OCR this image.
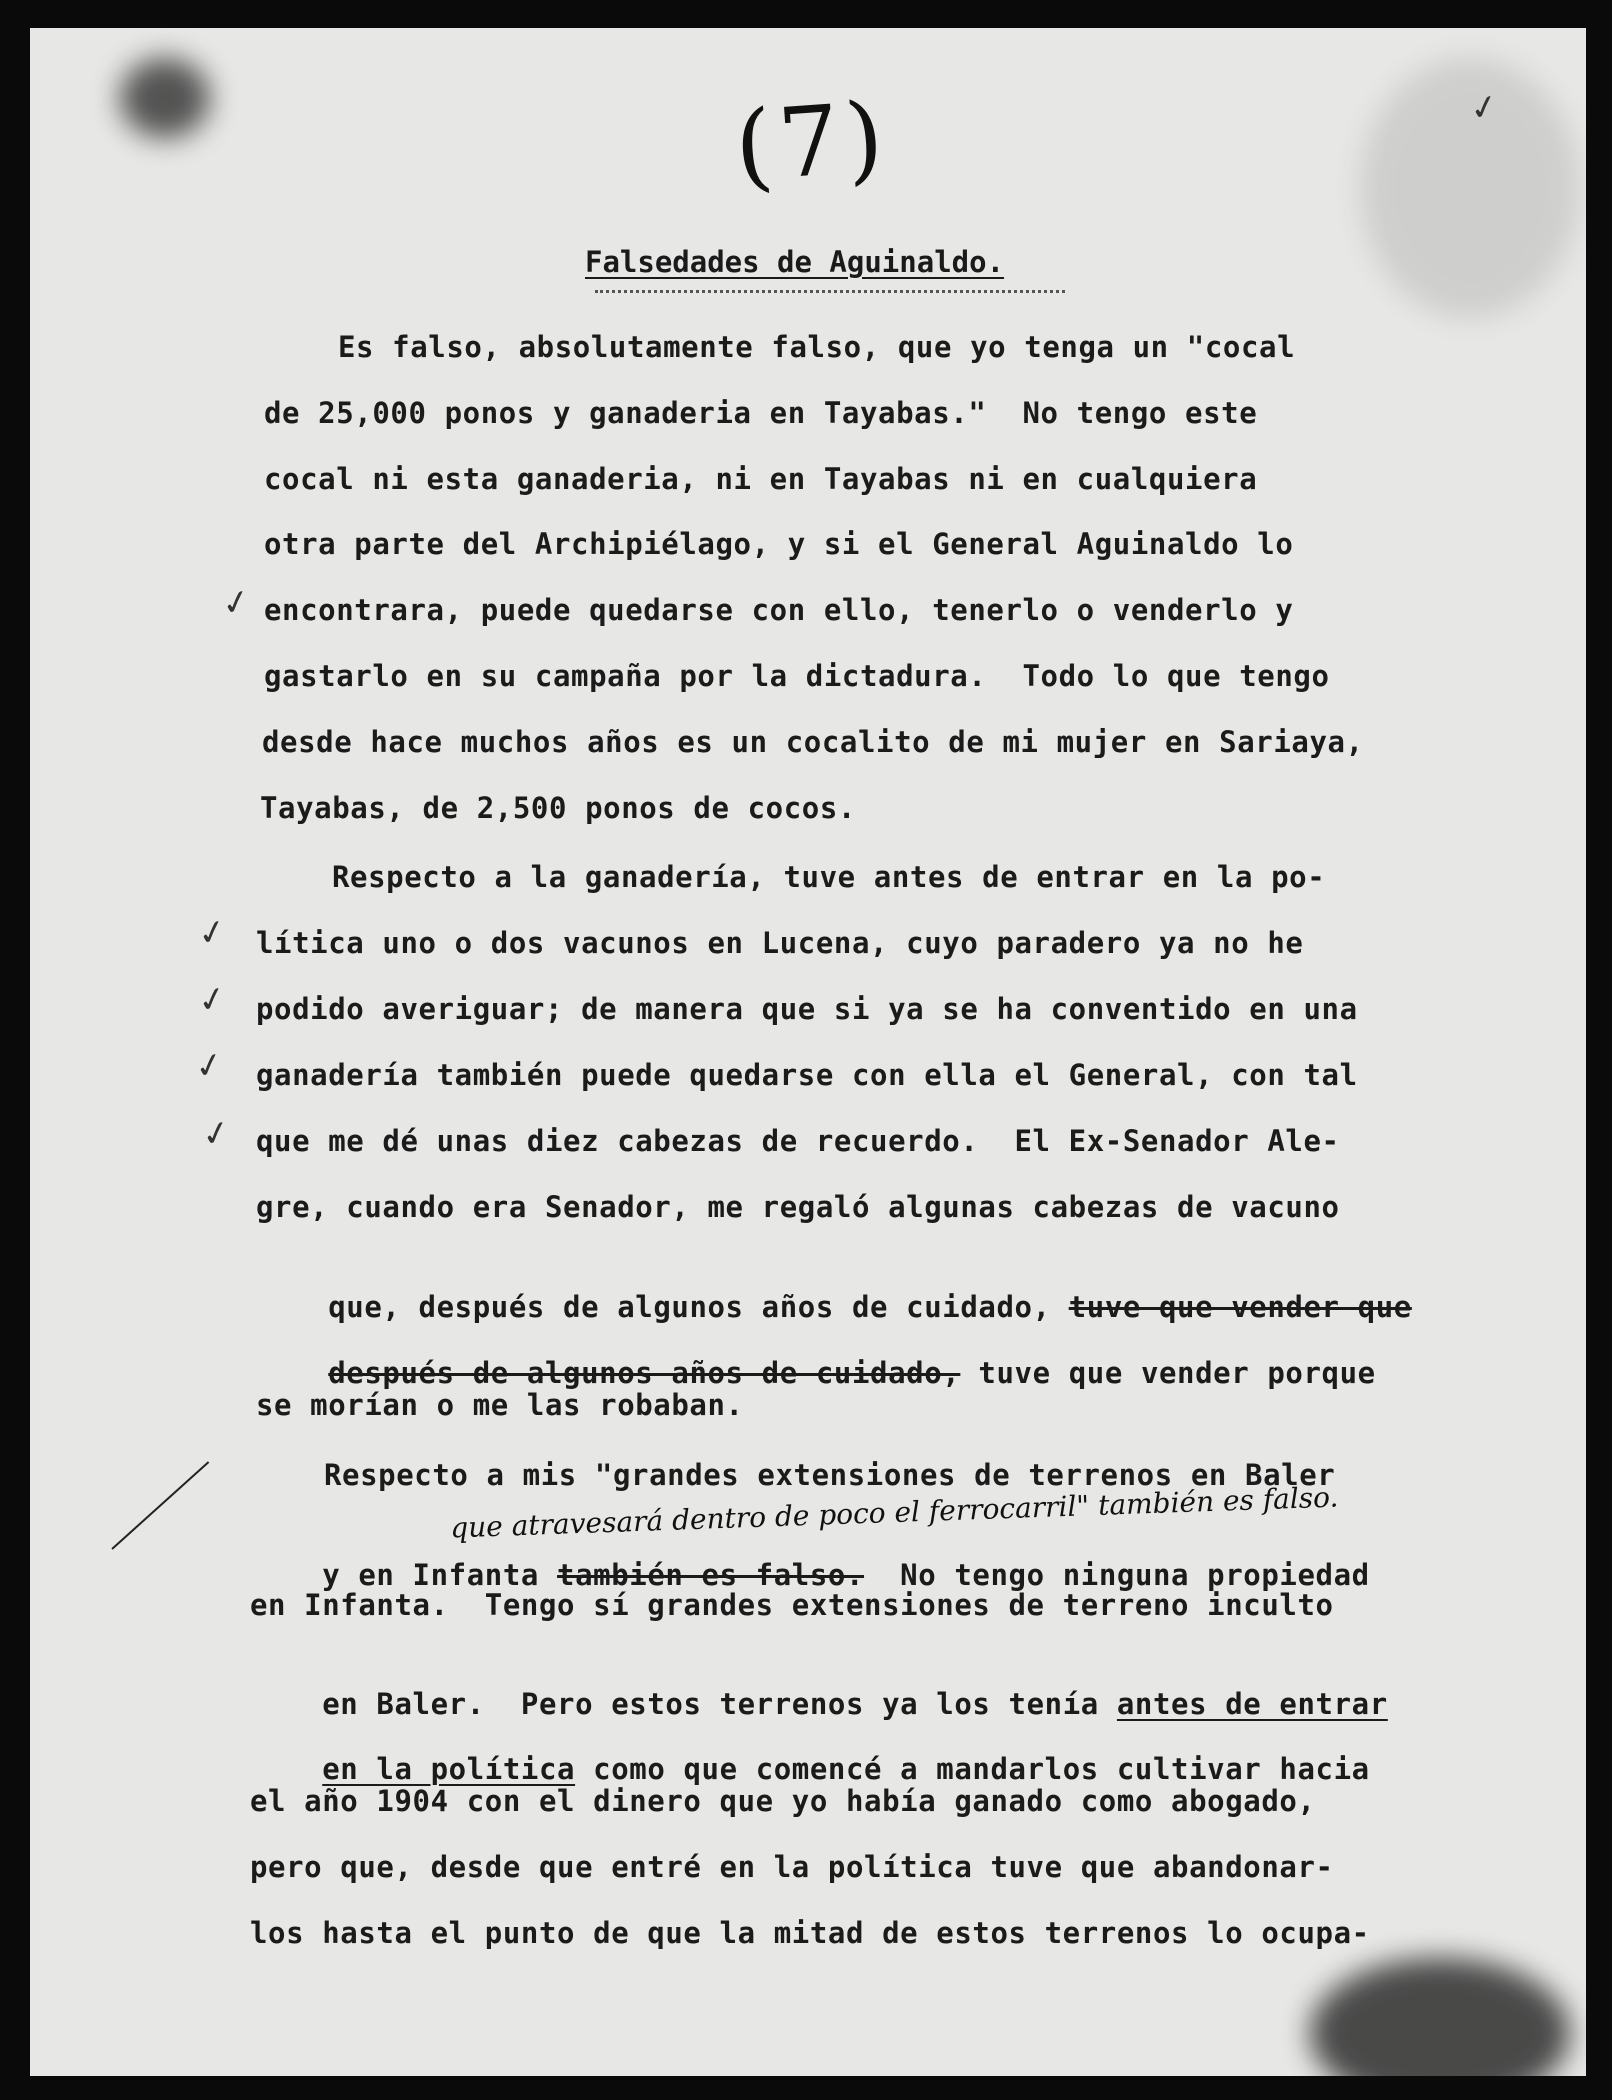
(7)
Falsedades de Aguinaldo.
Es falso, absolutamente falso, que yo tenga un "cocal
de 25,000 ponos y ganaderia en Tayabas."  No tengo este
cocal ni esta ganaderia, ni en Tayabas ni en cualquiera
otra parte del Archipiélago, y si el General Aguinaldo lo
encontrara, puede quedarse con ello, tenerlo o venderlo y
gastarlo en su campaña por la dictadura.  Todo lo que tengo
desde hace muchos años es un cocalito de mi mujer en Sariaya,
Tayabas, de 2,500 ponos de cocos.
Respecto a la ganadería, tuve antes de entrar en la po-
lítica uno o dos vacunos en Lucena, cuyo paradero ya no he
podido averiguar; de manera que si ya se ha conventido en una
ganadería también puede quedarse con ella el General, con tal
que me dé unas diez cabezas de recuerdo.  El Ex-Senador Ale-
gre, cuando era Senador, me regaló algunas cabezas de vacuno

que, después de algunos años de cuidado, tuve que vender que

después de algunos años de cuidado, tuve que vender porque

se morían o me las robaban.
Respecto a mis "grandes extensiones de terrenos en Baler
que atravesará dentro de poco el ferrocarril" también es falso.

y en Infanta también es falso.  No tengo ninguna propiedad

en Infanta.  Tengo sí grandes extensiones de terreno inculto

en Baler.  Pero estos terrenos ya los tenía antes de entrar

en la política como que comencé a mandarlos cultivar hacia

el año 1904 con el dinero que yo había ganado como abogado,
pero que, desde que entré en la política tuve que abandonar-
los hasta el punto de que la mitad de estos terrenos lo ocupa-
✓
✓
✓
✓
✓
✓
